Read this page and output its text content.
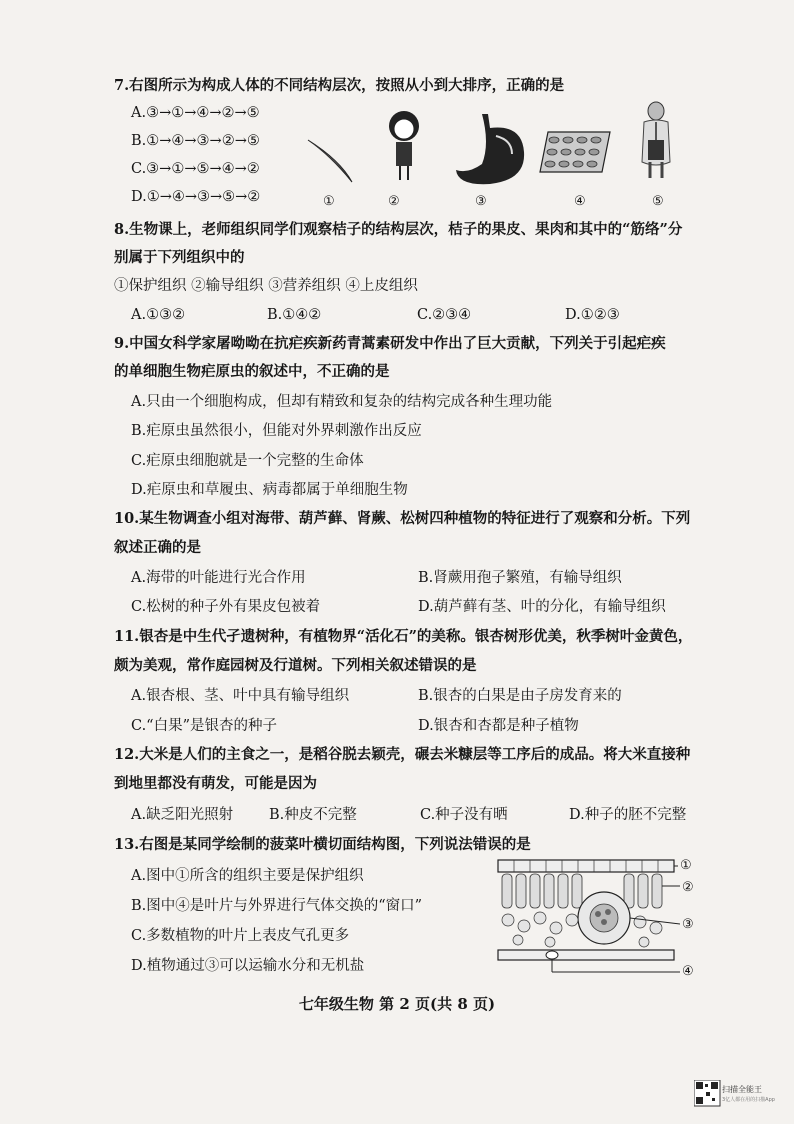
7.右图所示为构成人体的不同结构层次，按照从小到大排序，正确的是
A.③→①→④→②→⑤
B.①→④→③→②→⑤
C.③→①→⑤→④→②
D.①→④→③→⑤→②	①	②	③	④	⑤
8.生物课上，老师组织同学们观察桔子的结构层次，桔子的果皮、果肉和其中的“筋络”分
别属于下列组织中的
①保护组织 ②输导组织 ③营养组织 ④上皮组织
A.①③②	B.①④②	C.②③④	D.①②③
9.中国女科学家屠呦呦在抗疟疾新药青蒿素研发中作出了巨大贡献，下列关于引起疟疾
的单细胞生物疟原虫的叙述中，不正确的是
A.只由一个细胞构成，但却有精致和复杂的结构完成各种生理功能
B.疟原虫虽然很小，但能对外界刺激作出反应
C.疟原虫细胞就是一个完整的生命体
D.疟原虫和草履虫、病毒都属于单细胞生物
10.某生物调查小组对海带、葫芦藓、肾蕨、松树四种植物的特征进行了观察和分析。下列
叙述正确的是
A.海带的叶能进行光合作用	B.肾蕨用孢子繁殖，有输导组织
C.松树的种子外有果皮包被着	D.葫芦藓有茎、叶的分化，有输导组织
11.银杏是中生代孑遗树种，有植物界“活化石”的美称。银杏树形优美，秋季树叶金黄色，
颇为美观，常作庭园树及行道树。下列相关叙述错误的是
A.银杏根、茎、叶中具有输导组织	B.银杏的白果是由子房发育来的
C.“白果”是银杏的种子	D.银杏和杏都是种子植物
12.大米是人们的主食之一，是稻谷脱去颖壳，碾去米糠层等工序后的成品。将大米直接种
到地里都没有萌发，可能是因为
A.缺乏阳光照射 B.种皮不完整	C.种子没有晒	D.种子的胚不完整
13.右图是某同学绘制的菠菜叶横切面结构图，下列说法错误的是
A.图中①所含的组织主要是保护组织
B.图中④是叶片与外界进行气体交换的“窗口”
C.多数植物的叶片上表皮气孔更多
D.植物通过③可以运输水分和无机盐
①
②
③
④
七年级生物 第 2 页(共 8 页)
扫描全能王
3亿人都在用的扫描App
